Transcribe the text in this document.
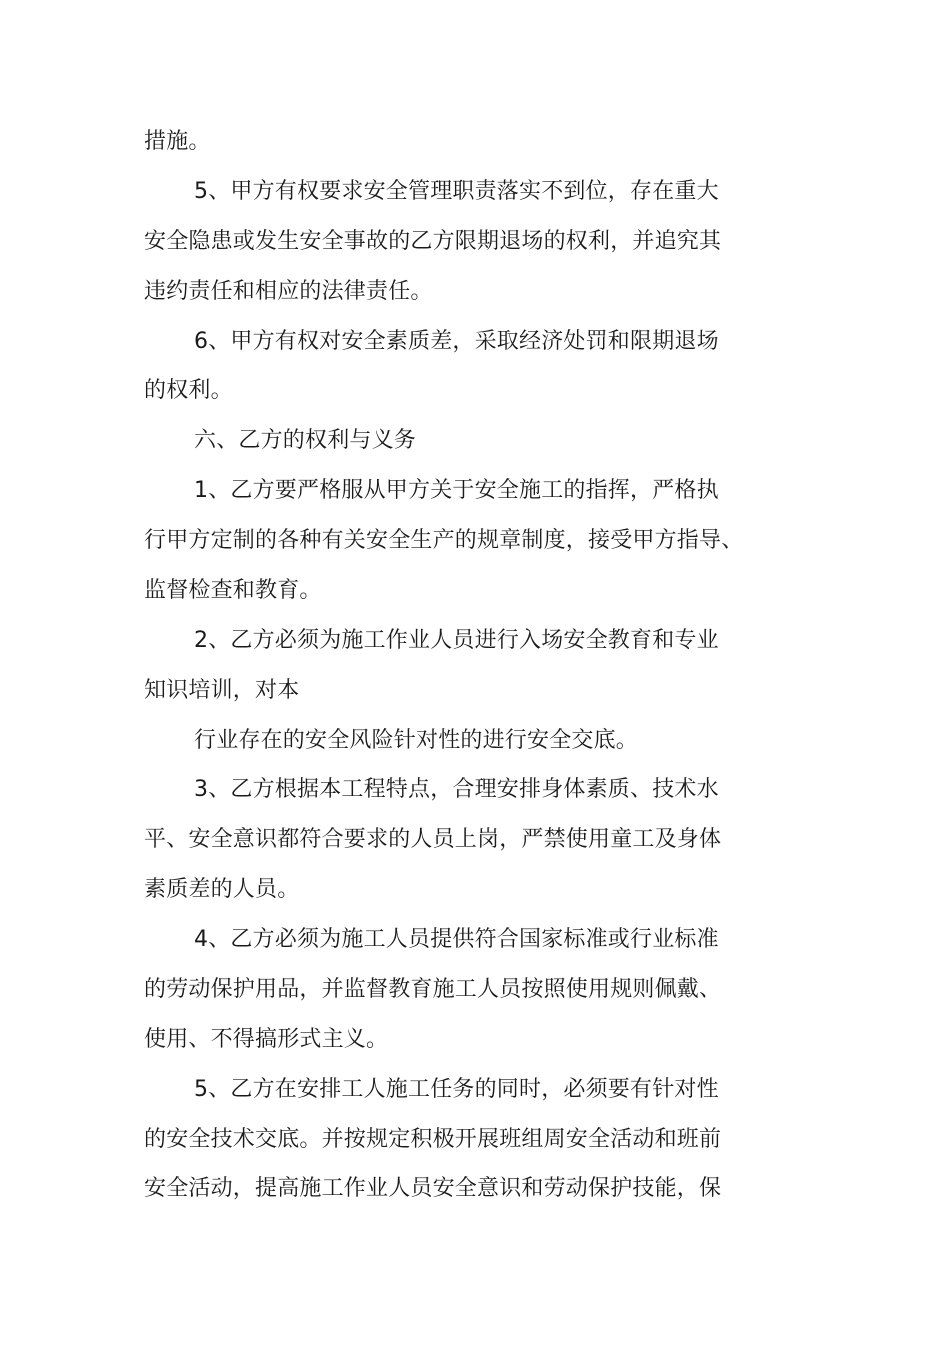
措施。
5、甲方有权要求安全管理职责落实不到位，存在重大
安全隐患或发生安全事故的乙方限期退场的权利，并追究其
违约责任和相应的法律责任。
6、甲方有权对安全素质差，采取经济处罚和限期退场
的权利。
六、乙方的权利与义务
1、乙方要严格服从甲方关于安全施工的指挥，严格执
行甲方定制的各种有关安全生产的规章制度，接受甲方指导、
监督检查和教育。
2、乙方必须为施工作业人员进行入场安全教育和专业
知识培训，对本
行业存在的安全风险针对性的进行安全交底。
3、乙方根据本工程特点，合理安排身体素质、技术水
平、安全意识都符合要求的人员上岗，严禁使用童工及身体
素质差的人员。
4、乙方必须为施工人员提供符合国家标准或行业标准
的劳动保护用品，并监督教育施工人员按照使用规则佩戴、
使用、不得搞形式主义。
5、乙方在安排工人施工任务的同时，必须要有针对性
的安全技术交底。并按规定积极开展班组周安全活动和班前
安全活动，提高施工作业人员安全意识和劳动保护技能，保
